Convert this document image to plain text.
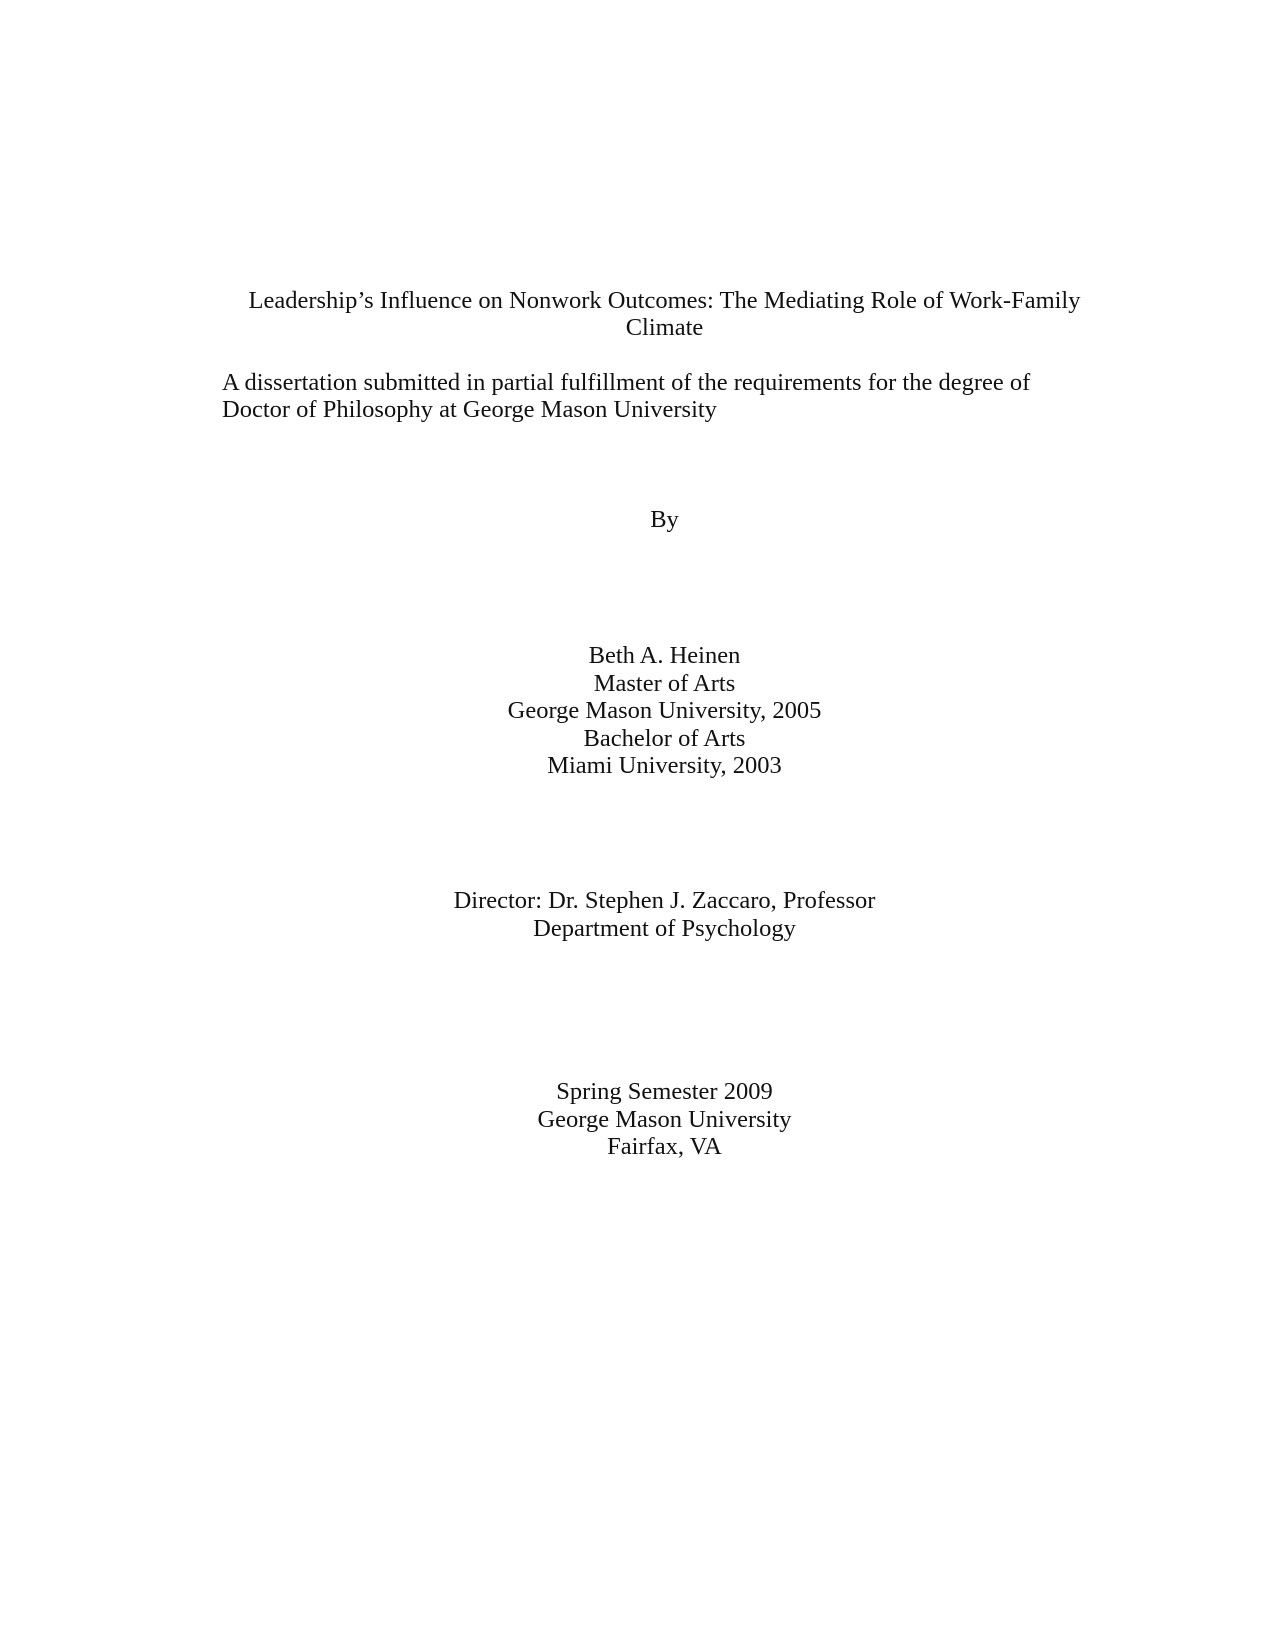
Leadership’s Influence on Nonwork Outcomes: The Mediating Role of Work-Family
Climate
A dissertation submitted in partial fulfillment of the requirements for the degree of
Doctor of Philosophy at George Mason University
By
Beth A. Heinen
Master of Arts
George Mason University, 2005
Bachelor of Arts
Miami University, 2003
Director: Dr. Stephen J. Zaccaro, Professor
Department of Psychology
Spring Semester 2009
George Mason University
Fairfax, VA
